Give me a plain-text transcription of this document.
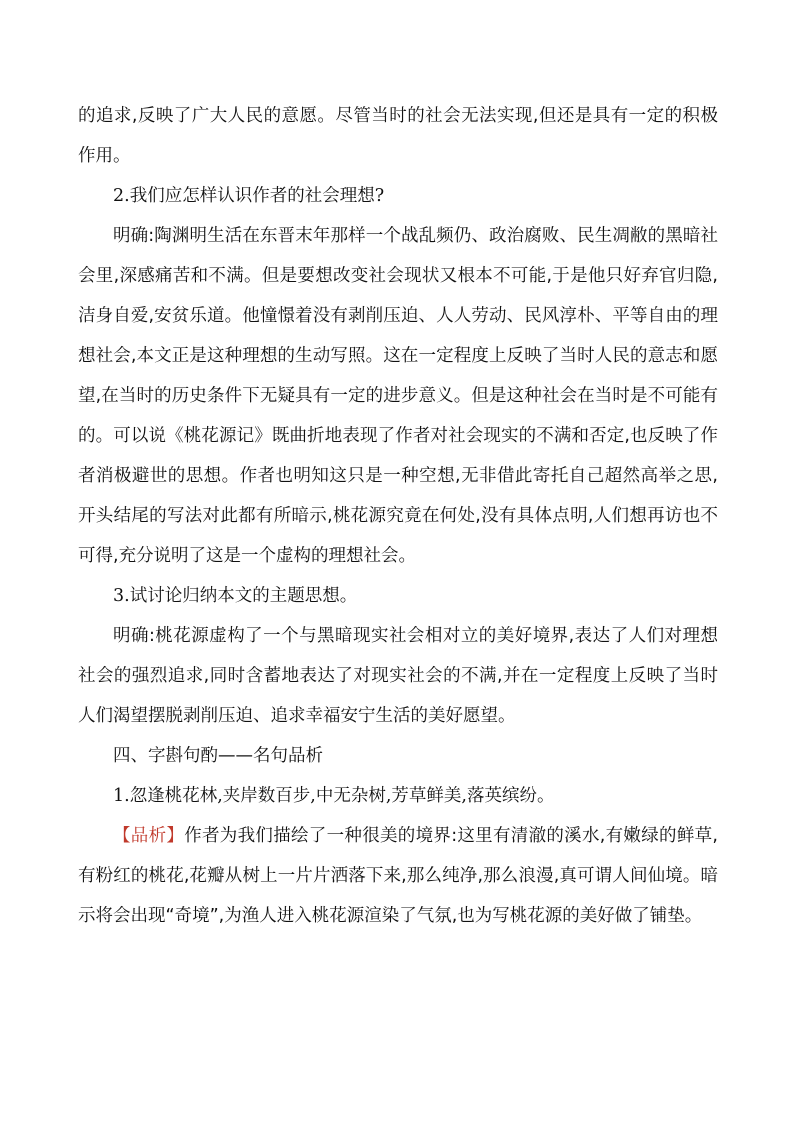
的追求,反映了广大人民的意愿。尽管当时的社会无法实现,但还是具有一定的积极作用。

2.我们应怎样认识作者的社会理想?

明确:陶渊明生活在东晋末年那样一个战乱频仍、政治腐败、民生凋敝的黑暗社会里,深感痛苦和不满。但是要想改变社会现状又根本不可能,于是他只好弃官归隐,洁身自爱,安贫乐道。他憧憬着没有剥削压迫、人人劳动、民风淳朴、平等自由的理想社会,本文正是这种理想的生动写照。这在一定程度上反映了当时人民的意志和愿望,在当时的历史条件下无疑具有一定的进步意义。但是这种社会在当时是不可能有的。可以说《桃花源记》既曲折地表现了作者对社会现实的不满和否定,也反映了作者消极避世的思想。作者也明知这只是一种空想,无非借此寄托自己超然高举之思,开头结尾的写法对此都有所暗示,桃花源究竟在何处,没有具体点明,人们想再访也不可得,充分说明了这是一个虚构的理想社会。

3.试讨论归纳本文的主题思想。

明确:桃花源虚构了一个与黑暗现实社会相对立的美好境界,表达了人们对理想社会的强烈追求,同时含蓄地表达了对现实社会的不满,并在一定程度上反映了当时人们渴望摆脱剥削压迫、追求幸福安宁生活的美好愿望。

四、字斟句酌——名句品析

1.忽逢桃花林,夹岸数百步,中无杂树,芳草鲜美,落英缤纷。

【品析】作者为我们描绘了一种很美的境界:这里有清澈的溪水,有嫩绿的鲜草,有粉红的桃花,花瓣从树上一片片洒落下来,那么纯净,那么浪漫,真可谓人间仙境。暗示将会出现“奇境”,为渔人进入桃花源渲染了气氛,也为写桃花源的美好做了铺垫。
